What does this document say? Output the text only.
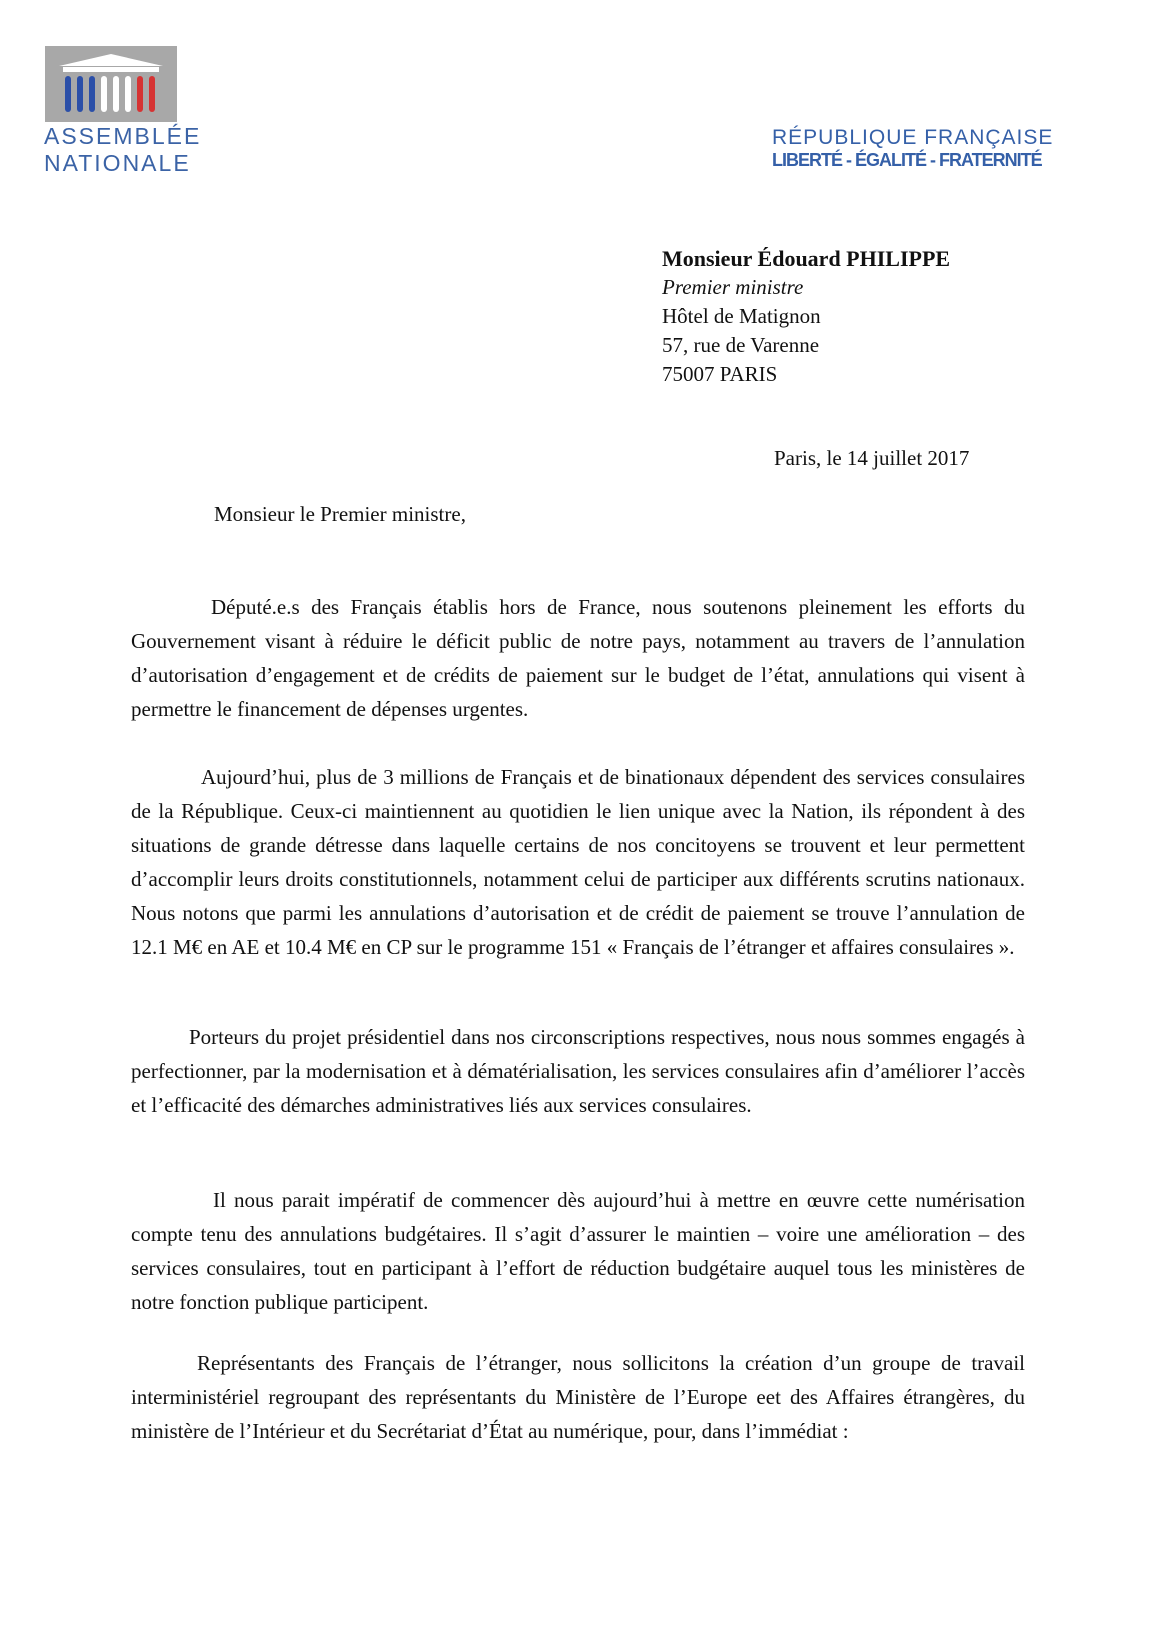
ASSEMBLÉE
NATIONALE
RÉPUBLIQUE FRANÇAISE
LIBERTÉ - ÉGALITÉ - FRATERNITÉ
Monsieur Édouard PHILIPPE
Premier ministre
Hôtel de Matignon
57, rue de Varenne
75007 PARIS
Paris, le 14 juillet 2017
Monsieur le Premier ministre,

Député.e.s des Français établis hors de France, nous soutenons pleinement les efforts du Gouvernement visant à réduire le déficit public de notre pays, notamment au travers de l’annulation d’autorisation d’engagement et de crédits de paiement sur le budget de l’état, annulations qui visent à permettre le financement de dépenses urgentes.

Aujourd’hui, plus de 3 millions de Français et de binationaux dépendent des services consulaires de la République. Ceux-ci maintiennent au quotidien le lien unique avec la Nation, ils répondent à des situations de grande détresse dans laquelle certains de nos concitoyens se trouvent et leur permettent d’accomplir leurs droits constitutionnels, notamment celui de participer aux différents scrutins nationaux. Nous notons que parmi les annulations d’autorisation et de crédit de paiement se trouve l’annulation de 12.1 M€ en AE et 10.4 M€ en CP sur le programme 151 « Français de l’étranger et affaires consulaires ».

Porteurs du projet présidentiel dans nos circonscriptions respectives, nous nous sommes engagés à perfectionner, par la modernisation et à dématérialisation, les services consulaires afin d’améliorer l’accès et l’efficacité des démarches administratives liés aux services consulaires.

Il nous parait impératif de commencer dès aujourd’hui à mettre en œuvre cette numérisation compte tenu des annulations budgétaires. Il s’agit d’assurer le maintien – voire une amélioration – des services consulaires, tout en participant à l’effort de réduction budgétaire auquel tous les ministères de notre fonction publique participent.

Représentants des Français de l’étranger, nous sollicitons la création d’un groupe de travail interministériel regroupant des représentants du Ministère de l’Europe eet des Affaires étrangères, du ministère de l’Intérieur et du Secrétariat d’État au numérique, pour, dans l’immédiat :
